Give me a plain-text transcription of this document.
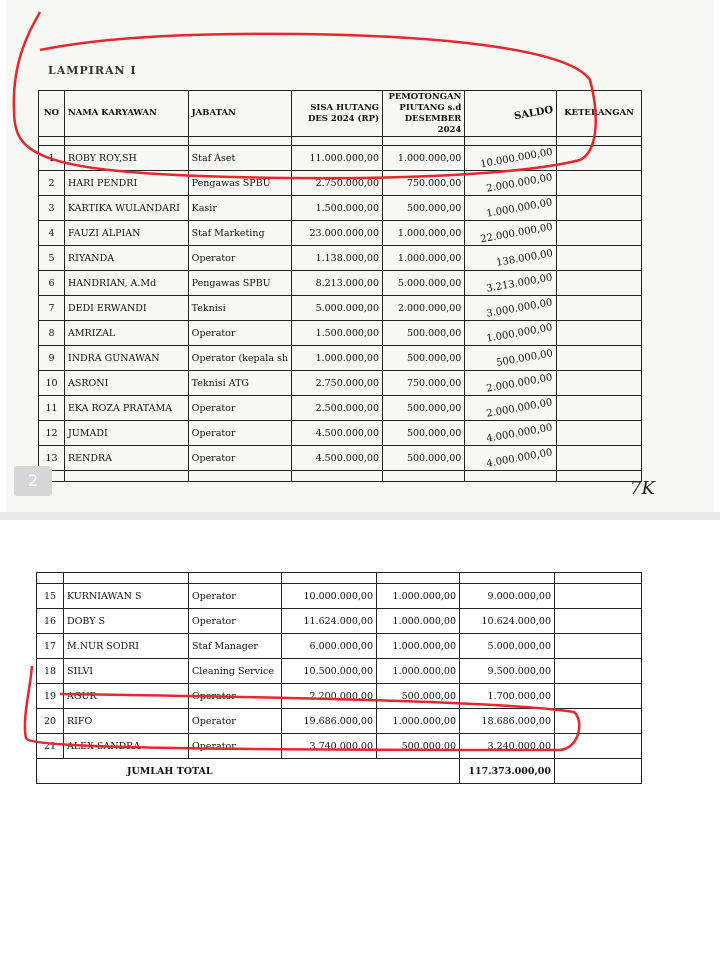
LAMPIRAN I
NO	NAMA KARYAWAN	JABATAN	SISA HUTANG DES 2024 (RP)	PEMOTONGAN PIUTANG s.d DESEMBER 2024	SALDO	KETERANGAN

1	ROBY ROY,SH	Staf Aset	11.000.000,00	1.000.000,00	10.000.000,00	
2	HARI PENDRI	Pengawas SPBU	2.750.000,00	750.000,00	2.000.000,00	
3	KARTIKA WULANDARI	Kasir	1.500.000,00	500.000,00	1.000.000,00	
4	FAUZI ALPIAN	Staf Marketing	23.000.000,00	1.000.000,00	22.000.000,00	
5	RIYANDA	Operator	1.138.000,00	1.000.000,00	138.000,00	
6	HANDRIAN, A.Md	Pengawas SPBU	8.213.000,00	5.000.000,00	3.213.000,00	
7	DEDI ERWANDI	Teknisi	5.000.000,00	2.000.000,00	3.000.000,00	
8	AMRIZAL	Operator	1.500.000,00	500.000,00	1.000.000,00	
9	INDRA GUNAWAN	Operator (kepala sh	1.000.000,00	500.000,00	500.000,00	
10	ASRONI	Teknisi ATG	2.750.000,00	750.000,00	2.000.000,00	
11	EKA ROZA PRATAMA	Operator	2.500.000,00	500.000,00	2.000.000,00	
12	JUMADI	Operator	4.500.000,00	500.000,00	4.000.000,00	
13	RENDRA	Operator	4.500.000,00	500.000,00	4.000.000,00	

15	KURNIAWAN S	Operator	10.000.000,00	1.000.000,00	9.000.000,00	
16	DOBY S	Operator	11.624.000,00	1.000.000,00	10.624.000,00	
17	M.NUR SODRI	Staf Manager	6.000.000,00	1.000.000,00	5.000.000,00	
18	SILVI	Cleaning Service	10.500.000,00	1.000.000,00	9.500.000,00	
19	AGUR	Operator	2.200.000,00	500.000,00	1.700.000,00	
20	RIFO	Operator	19.686.000,00	1.000.000,00	18.686.000,00	
21	ALEX SANDRA	Operator	3.740.000,00	500.000,00	3.240.000,00	
JUMLAH TOTAL					117.373.000,00	
2	7K
